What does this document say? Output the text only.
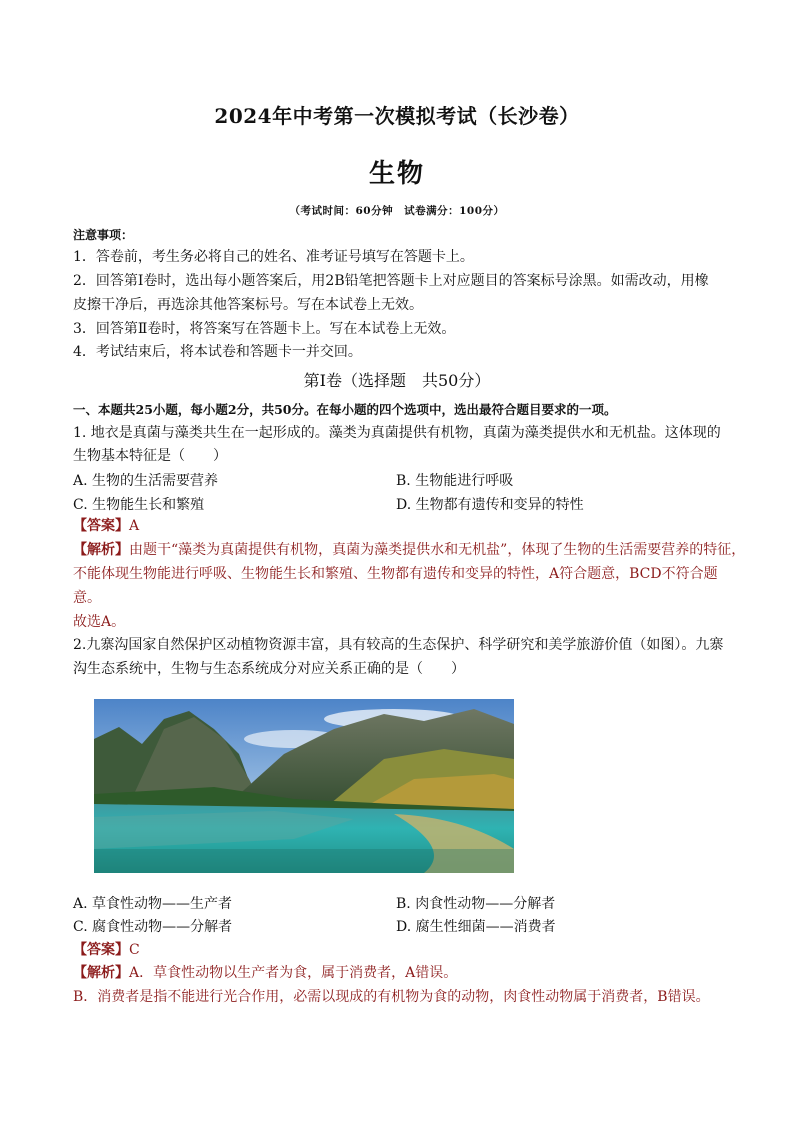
2024年中考第一次模拟考试（长沙卷）
生物
（考试时间：60分钟　试卷满分：100分）
注意事项：
1．答卷前，考生务必将自己的姓名、准考证号填写在答题卡上。
2．回答第Ⅰ卷时，选出每小题答案后，用2B铅笔把答题卡上对应题目的答案标号涂黑。如需改动，用橡
皮擦干净后，再选涂其他答案标号。写在本试卷上无效。
3．回答第Ⅱ卷时，将答案写在答题卡上。写在本试卷上无效。
4．考试结束后，将本试卷和答题卡一并交回。
第Ⅰ卷（选择题　共50分）
一、本题共25小题，每小题2分，共50分。在每小题的四个选项中，选出最符合题目要求的一项。
1. 地衣是真菌与藻类共生在一起形成的。藻类为真菌提供有机物，真菌为藻类提供水和无机盐。这体现的
生物基本特征是（　　）
A. 生物的生活需要营养	B. 生物能进行呼吸
C. 生物能生长和繁殖	D. 生物都有遗传和变异的特性
【答案】A
【解析】由题干“藻类为真菌提供有机物，真菌为藻类提供水和无机盐”，体现了生物的生活需要营养的特征，
不能体现生物能进行呼吸、生物能生长和繁殖、生物都有遗传和变异的特性，A符合题意，BCD不符合题
意。
故选A。
2.九寨沟国家自然保护区动植物资源丰富，具有较高的生态保护、科学研究和美学旅游价值（如图）。九寨
沟生态系统中，生物与生态系统成分对应关系正确的是（　　）
A. 草食性动物——生产者	B. 肉食性动物——分解者
C. 腐食性动物——分解者	D. 腐生性细菌——消费者
【答案】C
【解析】A．草食性动物以生产者为食，属于消费者，A错误。
B．消费者是指不能进行光合作用，必需以现成的有机物为食的动物，肉食性动物属于消费者，B错误。
